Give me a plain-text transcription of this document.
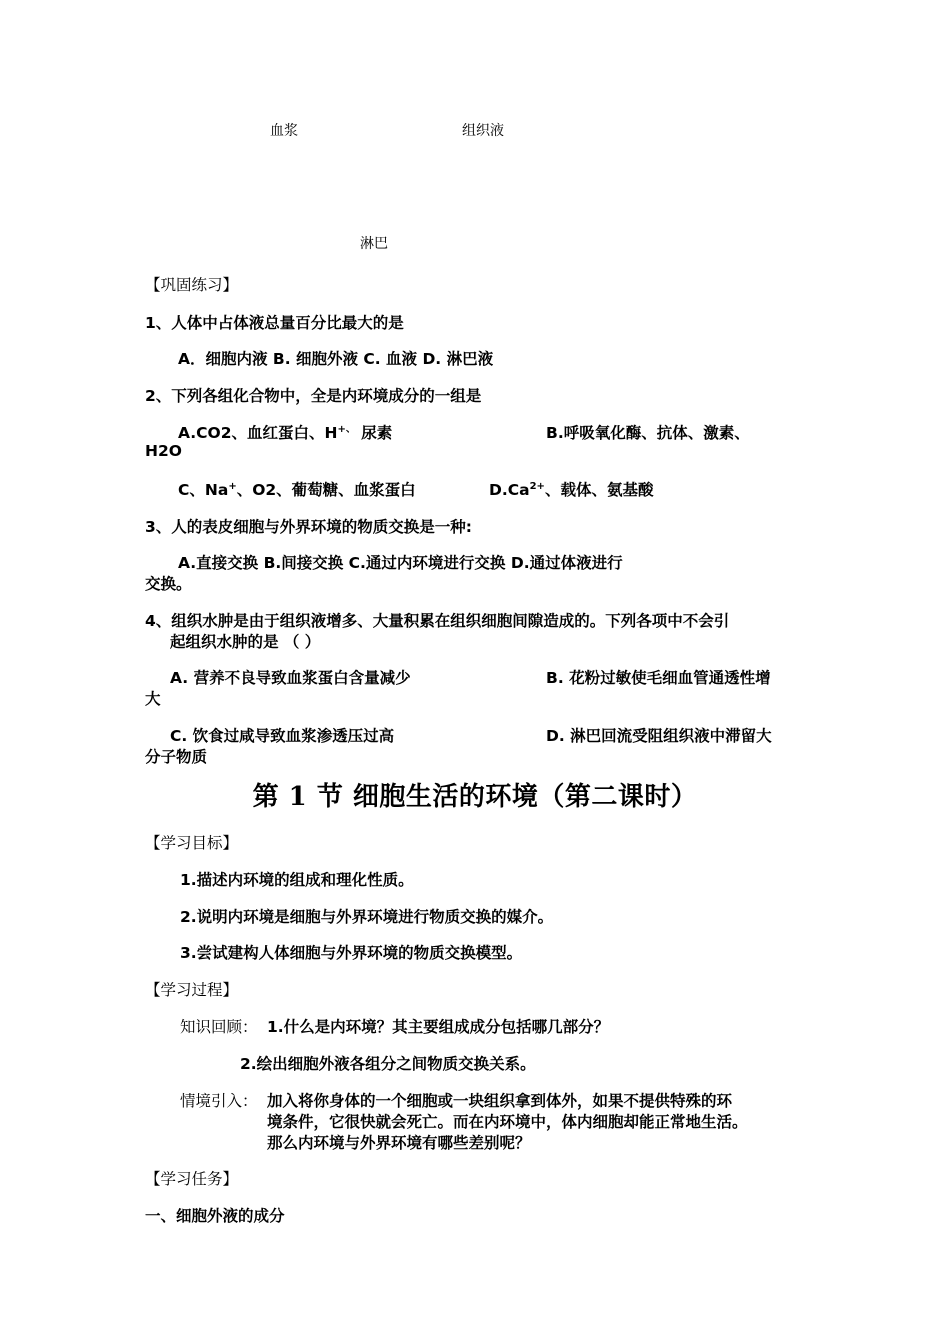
血浆	组织液
淋巴
【巩固练习】
1、人体中占体液总量百分比最大的是
A．细胞内液 B. 细胞外液 C. 血液 D. 淋巴液
2、下列各组化合物中，全是内环境成分的一组是
A.CO2、血红蛋白、H+、 尿素	B.呼吸氧化酶、抗体、激素、
H2O
C、Na+、O2、葡萄糖、血浆蛋白	$D.Ca^{2+}$、载体、氨基酸
3、人的表皮细胞与外界环境的物质交换是一种:
A.直接交换 B.间接交换 C.通过内环境进行交换 D.通过体液进行
交换。
4、组织水肿是由于组织液增多、大量积累在组织细胞间隙造成的。下列各项中不会引
起组织水肿的是 （ ）
A. 营养不良导致血浆蛋白含量减少	B. 花粉过敏使毛细血管通透性增
大
C. 饮食过咸导致血浆渗透压过高	D. 淋巴回流受阻组织液中滞留大
分子物质
第 1 节 细胞生活的环境（第二课时）
【学习目标】
1.描述内环境的组成和理化性质。
2.说明内环境是细胞与外界环境进行物质交换的媒介。
3.尝试建构人体细胞与外界环境的物质交换模型。
【学习过程】
知识回顾： 1.什么是内环境？其主要组成成分包括哪几部分？
2.绘出细胞外液各组分之间物质交换关系。
情境引入： 加入将你身体的一个细胞或一块组织拿到体外，如果不提供特殊的环
境条件，它很快就会死亡。而在内环境中，体内细胞却能正常地生活。
那么内环境与外界环境有哪些差别呢？
【学习任务】
一、细胞外液的成分
